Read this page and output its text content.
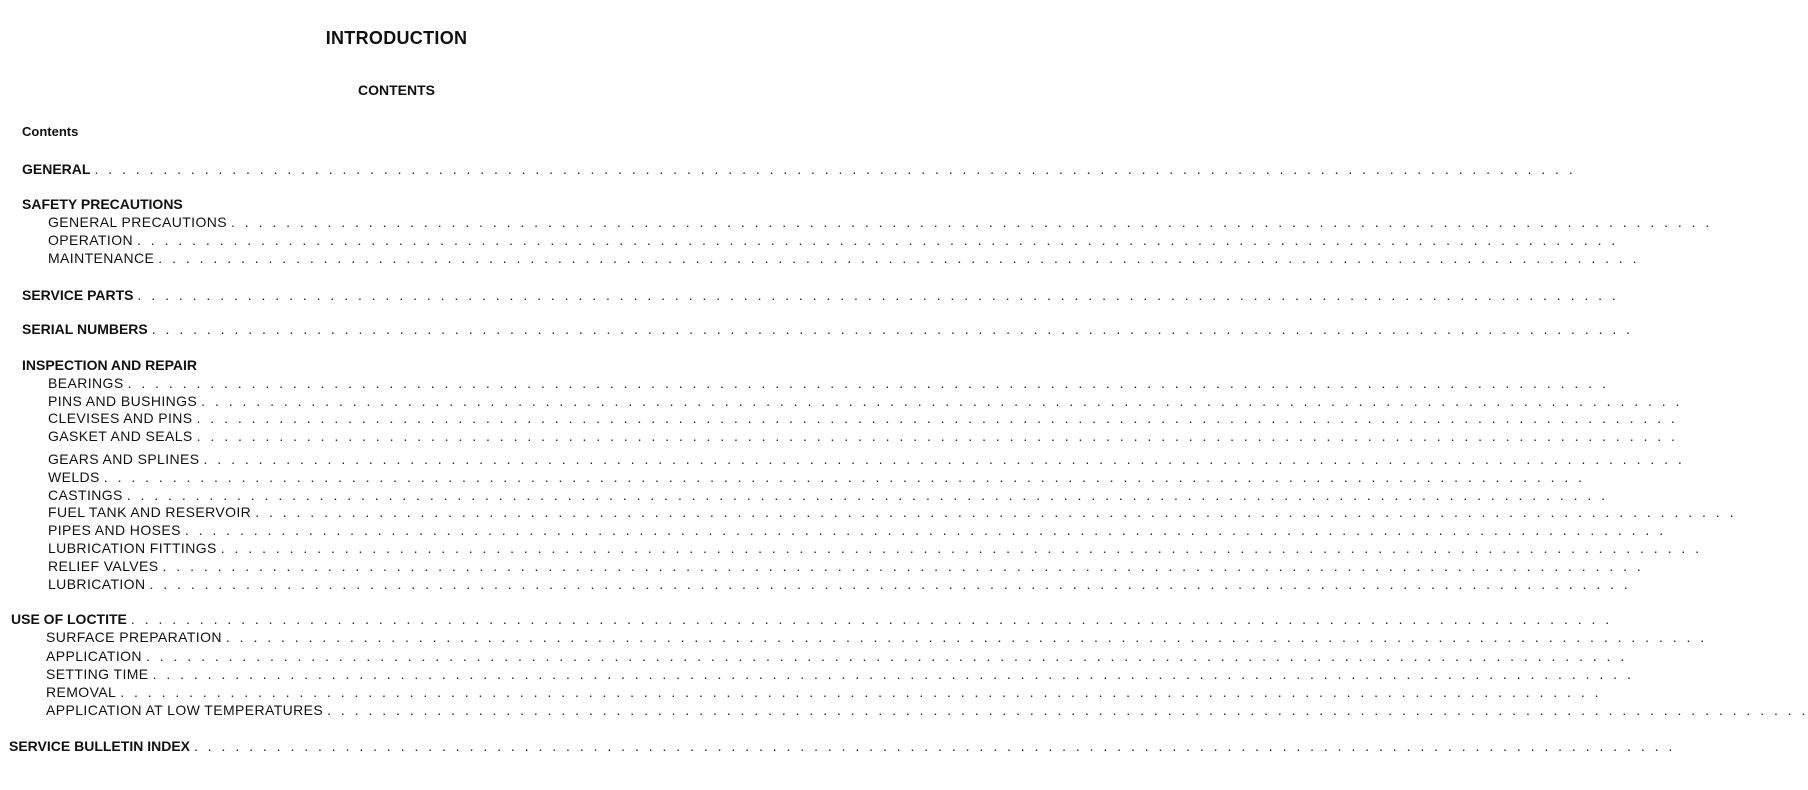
INTRODUCTION
CONTENTS
Contents
GENERAL . . . . . . . . . . . . . . . . . . . . . . . . . . . . . . . . . . . . . . . . . . . . . . . . . . . . . . . . . . . . . . . . . . . . . . . . . . . . . . . . . . . . . . . . . . . . . . . . . . . . . . . . . . . .
SAFETY PRECAUTIONS
GENERAL PRECAUTIONS . . . . . . . . . . . . . . . . . . . . . . . . . . . . . . . . . . . . . . . . . . . . . . . . . . . . . . . . . . . . . . . . . . . . . . . . . . . . . . . . . . . . . . . . . . . . . . . . . . . . . . . . . . . .
OPERATION . . . . . . . . . . . . . . . . . . . . . . . . . . . . . . . . . . . . . . . . . . . . . . . . . . . . . . . . . . . . . . . . . . . . . . . . . . . . . . . . . . . . . . . . . . . . . . . . . . . . . . . . . . . .
MAINTENANCE . . . . . . . . . . . . . . . . . . . . . . . . . . . . . . . . . . . . . . . . . . . . . . . . . . . . . . . . . . . . . . . . . . . . . . . . . . . . . . . . . . . . . . . . . . . . . . . . . . . . . . . . . . . .
SERVICE PARTS . . . . . . . . . . . . . . . . . . . . . . . . . . . . . . . . . . . . . . . . . . . . . . . . . . . . . . . . . . . . . . . . . . . . . . . . . . . . . . . . . . . . . . . . . . . . . . . . . . . . . . . . . . . .
SERIAL NUMBERS . . . . . . . . . . . . . . . . . . . . . . . . . . . . . . . . . . . . . . . . . . . . . . . . . . . . . . . . . . . . . . . . . . . . . . . . . . . . . . . . . . . . . . . . . . . . . . . . . . . . . . . . . . . .
INSPECTION AND REPAIR
BEARINGS . . . . . . . . . . . . . . . . . . . . . . . . . . . . . . . . . . . . . . . . . . . . . . . . . . . . . . . . . . . . . . . . . . . . . . . . . . . . . . . . . . . . . . . . . . . . . . . . . . . . . . . . . . . .
PINS AND BUSHINGS . . . . . . . . . . . . . . . . . . . . . . . . . . . . . . . . . . . . . . . . . . . . . . . . . . . . . . . . . . . . . . . . . . . . . . . . . . . . . . . . . . . . . . . . . . . . . . . . . . . . . . . . . . . .
CLEVISES AND PINS . . . . . . . . . . . . . . . . . . . . . . . . . . . . . . . . . . . . . . . . . . . . . . . . . . . . . . . . . . . . . . . . . . . . . . . . . . . . . . . . . . . . . . . . . . . . . . . . . . . . . . . . . . . .
GASKET AND SEALS . . . . . . . . . . . . . . . . . . . . . . . . . . . . . . . . . . . . . . . . . . . . . . . . . . . . . . . . . . . . . . . . . . . . . . . . . . . . . . . . . . . . . . . . . . . . . . . . . . . . . . . . . . . .
GEARS AND SPLINES . . . . . . . . . . . . . . . . . . . . . . . . . . . . . . . . . . . . . . . . . . . . . . . . . . . . . . . . . . . . . . . . . . . . . . . . . . . . . . . . . . . . . . . . . . . . . . . . . . . . . . . . . . . .
WELDS . . . . . . . . . . . . . . . . . . . . . . . . . . . . . . . . . . . . . . . . . . . . . . . . . . . . . . . . . . . . . . . . . . . . . . . . . . . . . . . . . . . . . . . . . . . . . . . . . . . . . . . . . . . .
CASTINGS . . . . . . . . . . . . . . . . . . . . . . . . . . . . . . . . . . . . . . . . . . . . . . . . . . . . . . . . . . . . . . . . . . . . . . . . . . . . . . . . . . . . . . . . . . . . . . . . . . . . . . . . . . . .
FUEL TANK AND RESERVOIR . . . . . . . . . . . . . . . . . . . . . . . . . . . . . . . . . . . . . . . . . . . . . . . . . . . . . . . . . . . . . . . . . . . . . . . . . . . . . . . . . . . . . . . . . . . . . . . . . . . . . . . . . . . .
PIPES AND HOSES . . . . . . . . . . . . . . . . . . . . . . . . . . . . . . . . . . . . . . . . . . . . . . . . . . . . . . . . . . . . . . . . . . . . . . . . . . . . . . . . . . . . . . . . . . . . . . . . . . . . . . . . . . . .
LUBRICATION FITTINGS . . . . . . . . . . . . . . . . . . . . . . . . . . . . . . . . . . . . . . . . . . . . . . . . . . . . . . . . . . . . . . . . . . . . . . . . . . . . . . . . . . . . . . . . . . . . . . . . . . . . . . . . . . . .
RELIEF VALVES . . . . . . . . . . . . . . . . . . . . . . . . . . . . . . . . . . . . . . . . . . . . . . . . . . . . . . . . . . . . . . . . . . . . . . . . . . . . . . . . . . . . . . . . . . . . . . . . . . . . . . . . . . . .
LUBRICATION . . . . . . . . . . . . . . . . . . . . . . . . . . . . . . . . . . . . . . . . . . . . . . . . . . . . . . . . . . . . . . . . . . . . . . . . . . . . . . . . . . . . . . . . . . . . . . . . . . . . . . . . . . . .
USE OF LOCTITE . . . . . . . . . . . . . . . . . . . . . . . . . . . . . . . . . . . . . . . . . . . . . . . . . . . . . . . . . . . . . . . . . . . . . . . . . . . . . . . . . . . . . . . . . . . . . . . . . . . . . . . . . . . .
SURFACE PREPARATION . . . . . . . . . . . . . . . . . . . . . . . . . . . . . . . . . . . . . . . . . . . . . . . . . . . . . . . . . . . . . . . . . . . . . . . . . . . . . . . . . . . . . . . . . . . . . . . . . . . . . . . . . . . .
APPLICATION . . . . . . . . . . . . . . . . . . . . . . . . . . . . . . . . . . . . . . . . . . . . . . . . . . . . . . . . . . . . . . . . . . . . . . . . . . . . . . . . . . . . . . . . . . . . . . . . . . . . . . . . . . . .
SETTING TIME . . . . . . . . . . . . . . . . . . . . . . . . . . . . . . . . . . . . . . . . . . . . . . . . . . . . . . . . . . . . . . . . . . . . . . . . . . . . . . . . . . . . . . . . . . . . . . . . . . . . . . . . . . . .
REMOVAL . . . . . . . . . . . . . . . . . . . . . . . . . . . . . . . . . . . . . . . . . . . . . . . . . . . . . . . . . . . . . . . . . . . . . . . . . . . . . . . . . . . . . . . . . . . . . . . . . . . . . . . . . . . .
APPLICATION AT LOW TEMPERATURES . . . . . . . . . . . . . . . . . . . . . . . . . . . . . . . . . . . . . . . . . . . . . . . . . . . . . . . . . . . . . . . . . . . . . . . . . . . . . . . . . . . . . . . . . . . . . . . . . . . . . . . . . . . .
SERVICE BULLETIN INDEX . . . . . . . . . . . . . . . . . . . . . . . . . . . . . . . . . . . . . . . . . . . . . . . . . . . . . . . . . . . . . . . . . . . . . . . . . . . . . . . . . . . . . . . . . . . . . . . . . . . . . . . . . . . .
